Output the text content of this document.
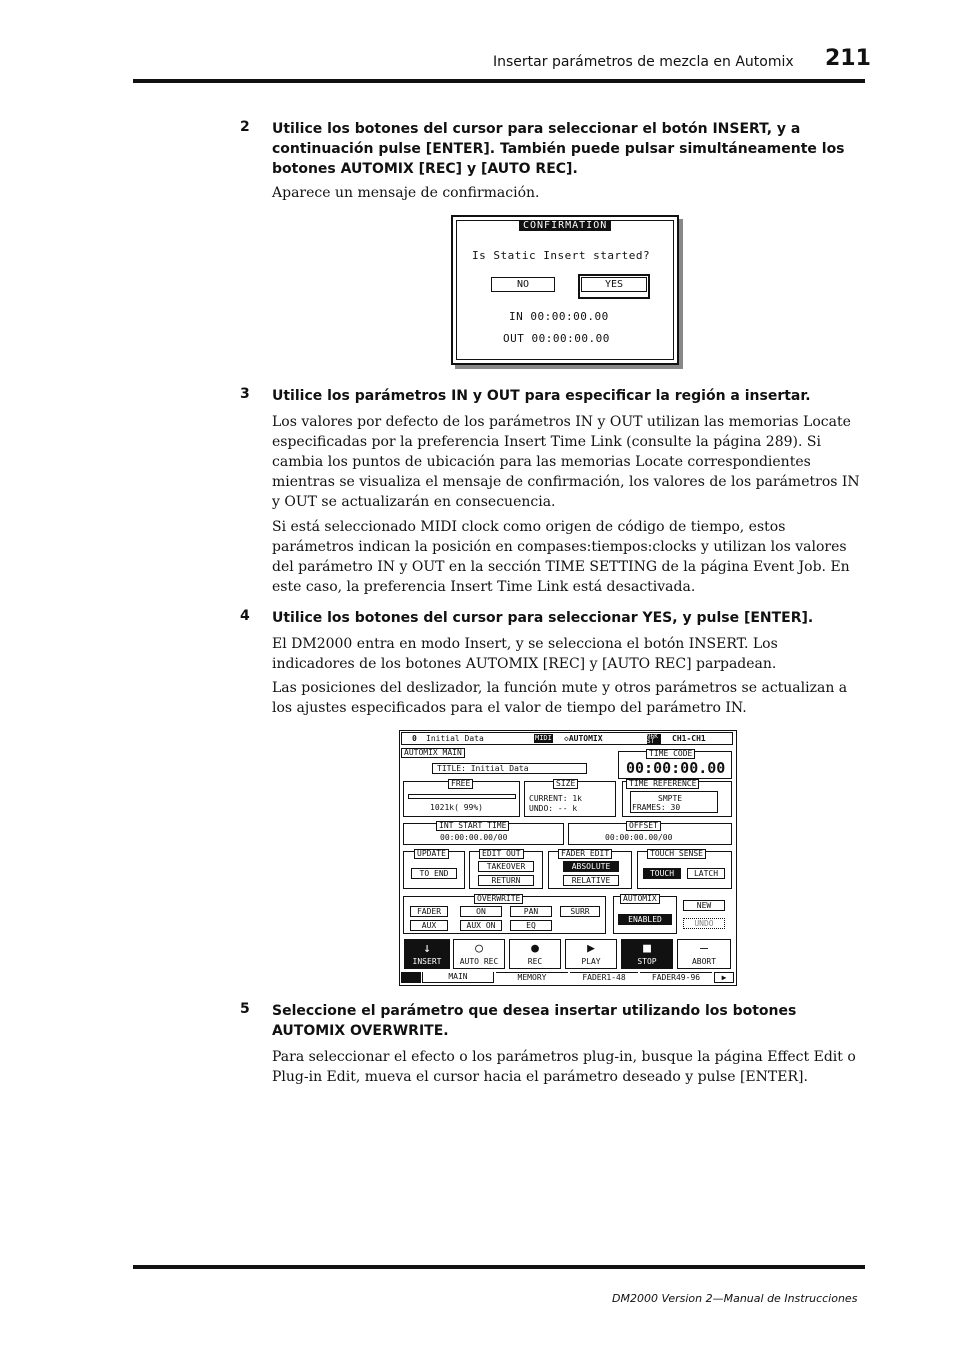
Insertar parámetros de mezcla en Automix 211
2 Utilice los botones del cursor para seleccionar el botón INSERT, y a continuación pulse [ENTER]. También puede pulsar simultáneamente los botones AUTOMIX [REC] y [AUTO REC].

Aparece un mensaje de confirmación.

CONFIRMATION
Is Static Insert started?
NO	YES
IN 00:00:00.00
OUT 00:00:00.00
3 Utilice los parámetros IN y OUT para especificar la región a insertar.

Los valores por defecto de los parámetros IN y OUT utilizan las memorias Locate especificadas por la preferencia Insert Time Link (consulte la página 289). Si cambia los puntos de ubicación para las memorias Locate correspondientes mientras se visualiza el mensaje de confirmación, los valores de los parámetros IN y OUT se actualizarán en consecuencia.

Si está seleccionado MIDI clock como origen de código de tiempo, estos parámetros indican la posición en compases:tiempos:clocks y utilizan los valores del parámetro IN y OUT en la sección TIME SETTING de la página Event Job. En este caso, la preferencia Insert Time Link está desactivada.

4 Utilice los botones del cursor para seleccionar YES, y pulse [ENTER].

El DM2000 entra en modo Insert, y se selecciona el botón INSERT. Los indicadores de los botones AUTOMIX [REC] y [AUTO REC] parpadean.

Las posiciones del deslizador, la función mute y otros parámetros se actualizan a los ajustes especificados para el valor de tiempo del parámetro IN.

0 Initial Data	MIDI ◇AUTOMIX	96K ST	CH1-CH1
AUTOMIX MAIN
TITLE: Initial Data
TIME CODE
00:00:00.00
FREE
1021k( 99%)
SIZE
CURRENT: 1k
UNDO: -- k
TIME REFERENCE
SMPTE
FRAMES: 30
INT START TIME
00:00:00.00/00
OFFSET
00:00:00.00/00
UPDATE
TO END
EDIT OUT
TAKEOVER
RETURN
FADER EDIT
ABSOLUTE
RELATIVE
TOUCH SENSE
TOUCH	LATCH
OVERWRITE
FADER	ON	PAN	SURR
AUX	AUX ON	EQ
AUTOMIX
ENABLED
NEW
UNDO
↓
INSERT
○
AUTO REC
●
REC
▶
PLAY
■
STOP
—
ABORT
MAIN	MEMORY	FADER1-48	FADER49-96	▶
5 Seleccione el parámetro que desea insertar utilizando los botones AUTOMIX OVERWRITE.

Para seleccionar el efecto o los parámetros plug-in, busque la página Effect Edit o Plug-in Edit, mueva el cursor hacia el parámetro deseado y pulse [ENTER].

DM2000 Version 2—Manual de Instrucciones
